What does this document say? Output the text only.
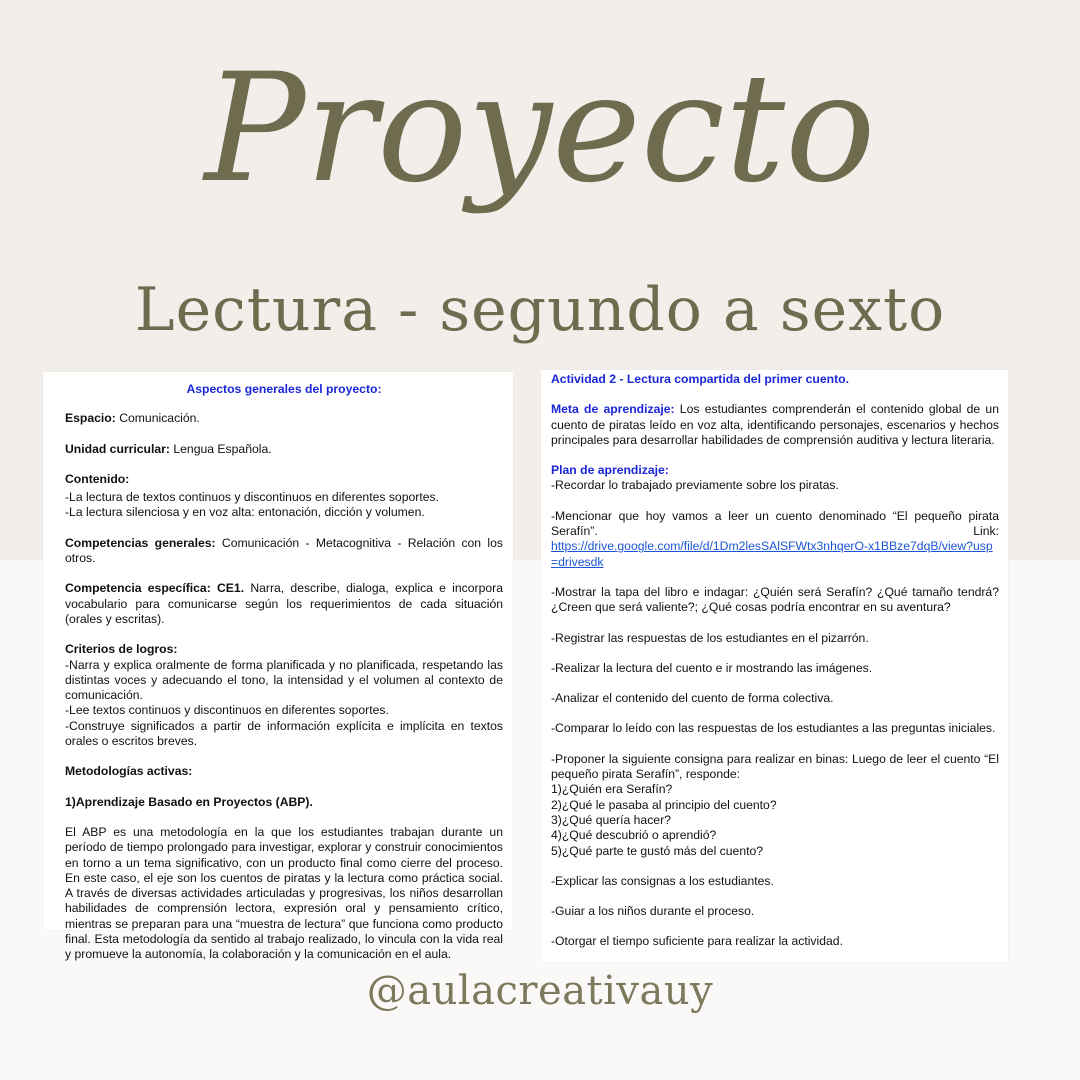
Proyecto
Lectura - segundo a sexto
Aspectos generales del proyecto:

Espacio: Comunicación.

Unidad curricular: Lengua Española.

Contenido:

-La lectura de textos continuos y discontinuos en diferentes soportes.

-La lectura silenciosa y en voz alta: entonación, dicción y volumen.

Competencias generales: Comunicación - Metacognitiva - Relación con los otros.

Competencia específica: CE1. Narra, describe, dialoga, explica e incorpora vocabulario para comunicarse según los requerimientos de cada situación (orales y escritas).

Criterios de logros:

-Narra y explica oralmente de forma planificada y no planificada, respetando las distintas voces y adecuando el tono, la intensidad y el volumen al contexto de comunicación.

-Lee textos continuos y discontinuos en diferentes soportes.

-Construye significados a partir de información explícita e implícita en textos orales o escritos breves.

Metodologías activas:

1)Aprendizaje Basado en Proyectos (ABP).

El ABP es una metodología en la que los estudiantes trabajan durante un período de tiempo prolongado para investigar, explorar y construir conocimientos en torno a un tema significativo, con un producto final como cierre del proceso. En este caso, el eje son los cuentos de piratas y la lectura como práctica social. A través de diversas actividades articuladas y progresivas, los niños desarrollan habilidades de comprensión lectora, expresión oral y pensamiento crítico, mientras se preparan para una “muestra de lectura” que funciona como producto final. Esta metodología da sentido al trabajo realizado, lo vincula con la vida real y promueve la autonomía, la colaboración y la comunicación en el aula.

Actividad 2 - Lectura compartida del primer cuento.

Meta de aprendizaje: Los estudiantes comprenderán el contenido global de un cuento de piratas leído en voz alta, identificando personajes, escenarios y hechos principales para desarrollar habilidades de comprensión auditiva y lectura literaria.

Plan de aprendizaje:

-Recordar lo trabajado previamente sobre los piratas.

-Mencionar que hoy vamos a leer un cuento denominado “El pequeño pirata Serafín”.	Link:

https://drive.google.com/file/d/1Dm2lesSAlSFWtx3nhqerO-x1BBze7dqB/view?usp=drivesdk

-Mostrar la tapa del libro e indagar: ¿Quién será Serafín? ¿Qué tamaño tendrá? ¿Creen que será valiente?; ¿Qué cosas podría encontrar en su aventura?

-Registrar las respuestas de los estudiantes en el pizarrón.

-Realizar la lectura del cuento e ir mostrando las imágenes.

-Analizar el contenido del cuento de forma colectiva.

-Comparar lo leído con las respuestas de los estudiantes a las preguntas iniciales.

-Proponer la siguiente consigna para realizar en binas: Luego de leer el cuento “El pequeño pirata Serafín”, responde:

1)¿Quién era Serafín?

2)¿Qué le pasaba al principio del cuento?

3)¿Qué quería hacer?

4)¿Qué descubrió o aprendió?

5)¿Qué parte te gustó más del cuento?

-Explicar las consignas a los estudiantes.

-Guiar a los niños durante el proceso.

-Otorgar el tiempo suficiente para realizar la actividad.

@aulacreativauy
